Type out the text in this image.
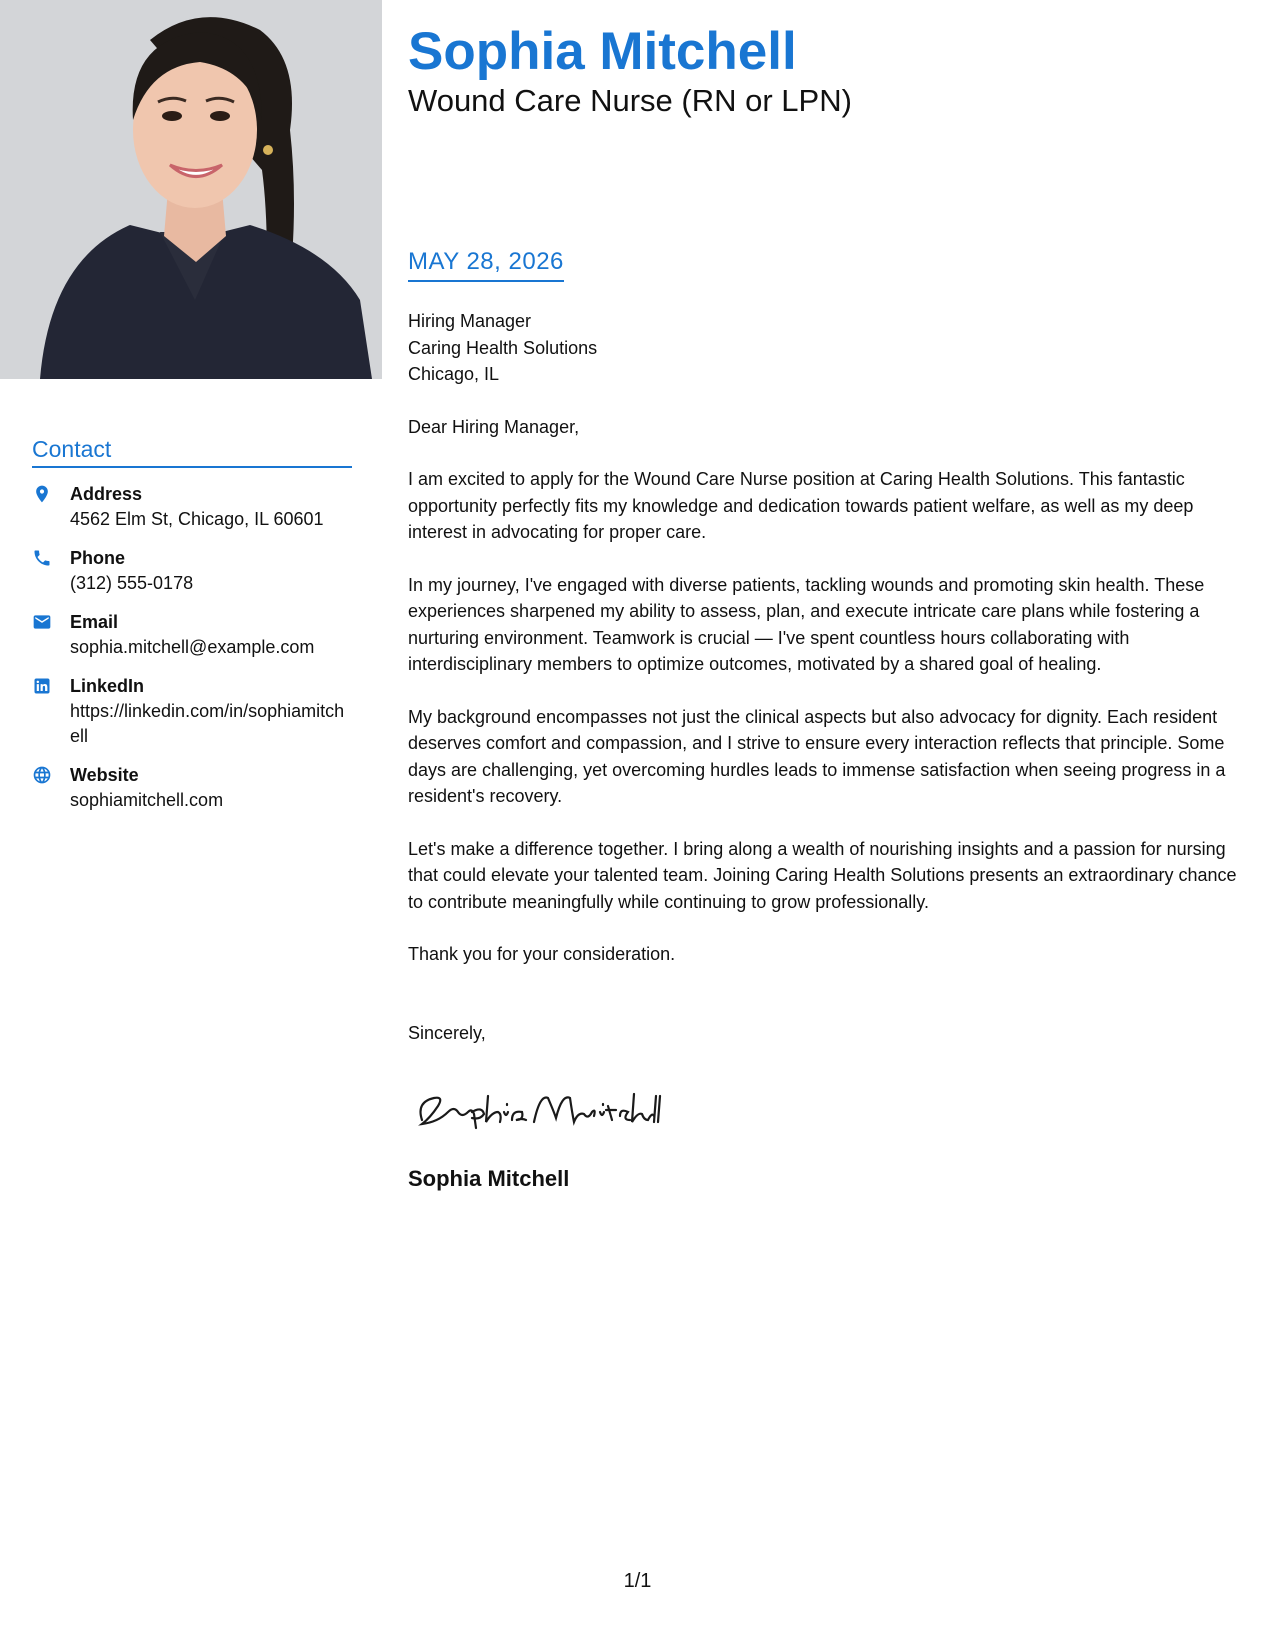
Contact
Address
4562 Elm St, Chicago, IL 60601
Phone
(312) 555-0178
Email
sophia.mitchell@example.com
LinkedIn
https://linkedin.com/in/sophiamitchell
Website
sophiamitchell.com
Sophia Mitchell
Wound Care Nurse (RN or LPN)
MAY 28, 2026
Hiring Manager
Caring Health Solutions
Chicago, IL

Dear Hiring Manager,

I am excited to apply for the Wound Care Nurse position at Caring Health Solutions. This fantastic opportunity perfectly fits my knowledge and dedication towards patient welfare, as well as my deep interest in advocating for proper care.

In my journey, I've engaged with diverse patients, tackling wounds and promoting skin health. These experiences sharpened my ability to assess, plan, and execute intricate care plans while fostering a nurturing environment. Teamwork is crucial — I've spent countless hours collaborating with interdisciplinary members to optimize outcomes, motivated by a shared goal of healing.

My background encompasses not just the clinical aspects but also advocacy for dignity. Each resident deserves comfort and compassion, and I strive to ensure every interaction reflects that principle. Some days are challenging, yet overcoming hurdles leads to immense satisfaction when seeing progress in a resident's recovery.

Let's make a difference together. I bring along a wealth of nourishing insights and a passion for nursing that could elevate your talented team. Joining Caring Health Solutions presents an extraordinary chance to contribute meaningfully while continuing to grow professionally.

Thank you for your consideration.

Sincerely,
Sophia Mitchell
1/1
